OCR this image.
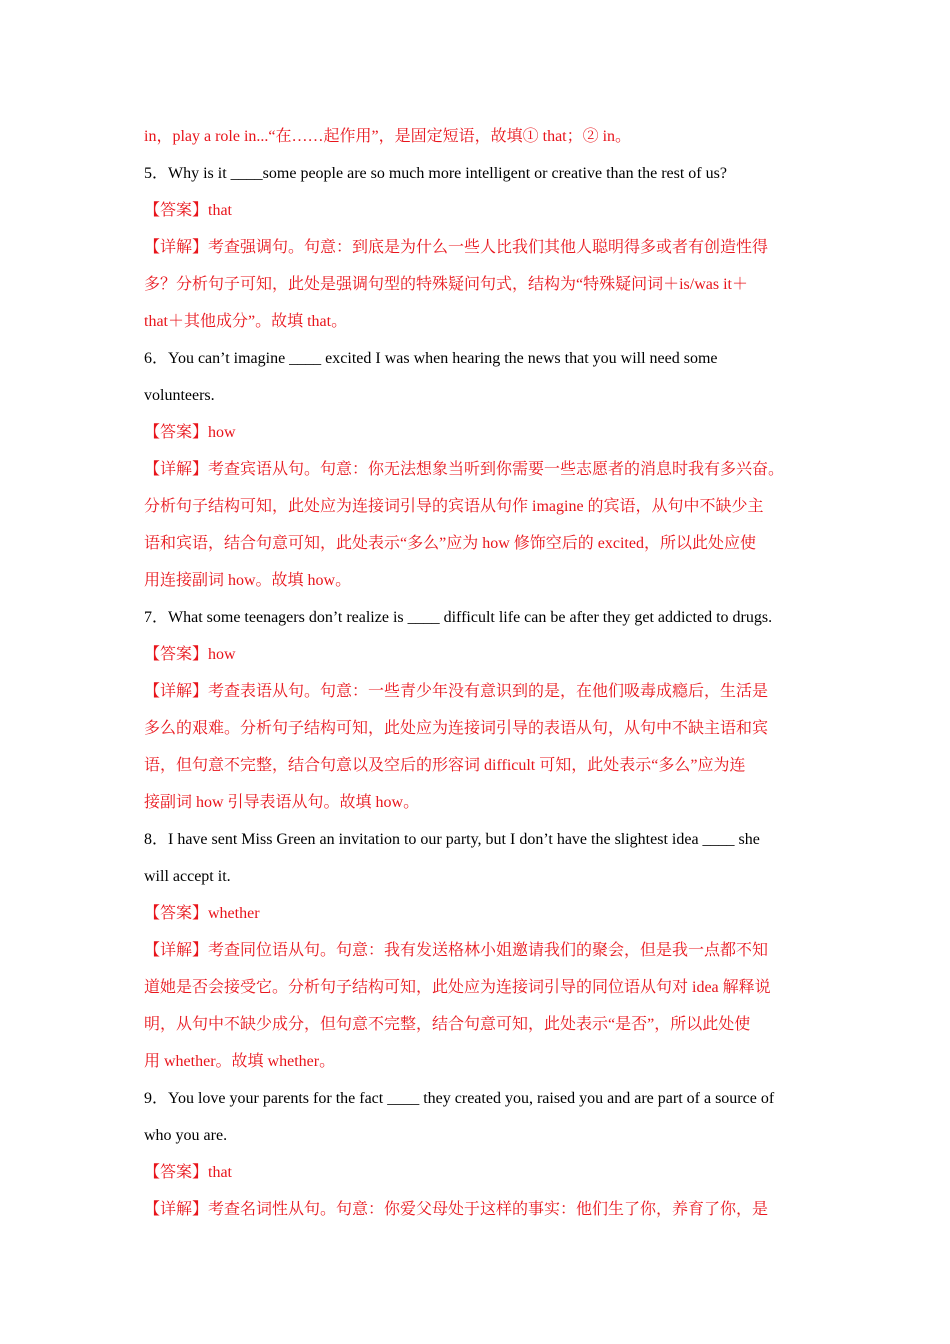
in，play a role in...“在……起作用”，是固定短语，故填① that；② in。
5．Why is it ____some people are so much more intelligent or creative than the rest of us?
【答案】that
【详解】考查强调句。句意：到底是为什么一些人比我们其他人聪明得多或者有创造性得
多？分析句子可知，此处是强调句型的特殊疑问句式，结构为“特殊疑问词＋is/was it＋
that＋其他成分”。故填 that。
6．You can’t imagine ____ excited I was when hearing the news that you will need some
volunteers.
【答案】how
【详解】考查宾语从句。句意：你无法想象当听到你需要一些志愿者的消息时我有多兴奋。
分析句子结构可知，此处应为连接词引导的宾语从句作 imagine 的宾语，从句中不缺少主
语和宾语，结合句意可知，此处表示“多么”应为 how 修饰空后的 excited，所以此处应使
用连接副词 how。故填 how。
7．What some teenagers don’t realize is ____ difficult life can be after they get addicted to drugs.
【答案】how
【详解】考查表语从句。句意：一些青少年没有意识到的是，在他们吸毒成瘾后，生活是
多么的艰难。分析句子结构可知，此处应为连接词引导的表语从句，从句中不缺主语和宾
语，但句意不完整，结合句意以及空后的形容词 difficult 可知，此处表示“多么”应为连
接副词 how 引导表语从句。故填 how。
8．I have sent Miss Green an invitation to our party, but I don’t have the slightest idea ____ she
will accept it.
【答案】whether
【详解】考查同位语从句。句意：我有发送格林小姐邀请我们的聚会，但是我一点都不知
道她是否会接受它。分析句子结构可知，此处应为连接词引导的同位语从句对 idea 解释说
明，从句中不缺少成分，但句意不完整，结合句意可知，此处表示“是否”，所以此处使
用 whether。故填 whether。
9．You love your parents for the fact ____ they created you, raised you and are part of a source of
who you are.
【答案】that
【详解】考查名词性从句。句意：你爱父母处于这样的事实：他们生了你，养育了你，是
